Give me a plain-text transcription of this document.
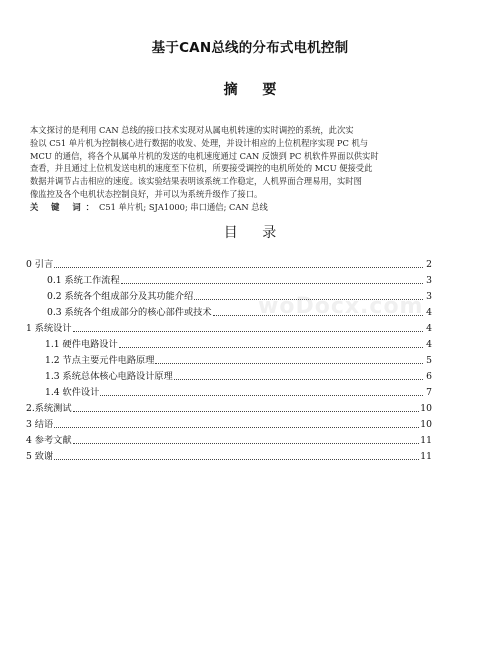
基于CAN总线的分布式电机控制
摘 要
本文探讨的是利用 CAN 总线的接口技术实现对从属电机转速的实时调控的系统，此次实
验以 C51 单片机为控制核心进行数据的收发、处理，并设计相应的上位机程序实现 PC 机与
MCU 的通信，将各个从属单片机的发送的电机速度通过 CAN 反馈到 PC 机软件界面以供实时
查看，并且通过上位机发送电机的速度至下位机，所要接受调控的电机所处的 MCU 便接受此
数据并调节占击相应的速度。该实验结果表明该系统工作稳定，人机界面合理易用，实时图
像监控及各个电机状态控制良好，并可以为系统升级作了接口。
关 键 词：C51 单片机; SJA1000; 串口通信; CAN 总线
目 录
woDocx.com
0 引言	2
0.1 系统工作流程	3
0.2 系统各个组成部分及其功能介绍	3
0.3 系统各个组成部分的核心部件或技术	4
1 系统设计	4
1.1 硬件电路设计	4
1.2 节点主要元件电路原理	5
1.3 系统总体核心电路设计原理	6
1.4 软件设计	7
2.系统测试	10
3 结语	10
4 参考文献	11
5 致谢	11
